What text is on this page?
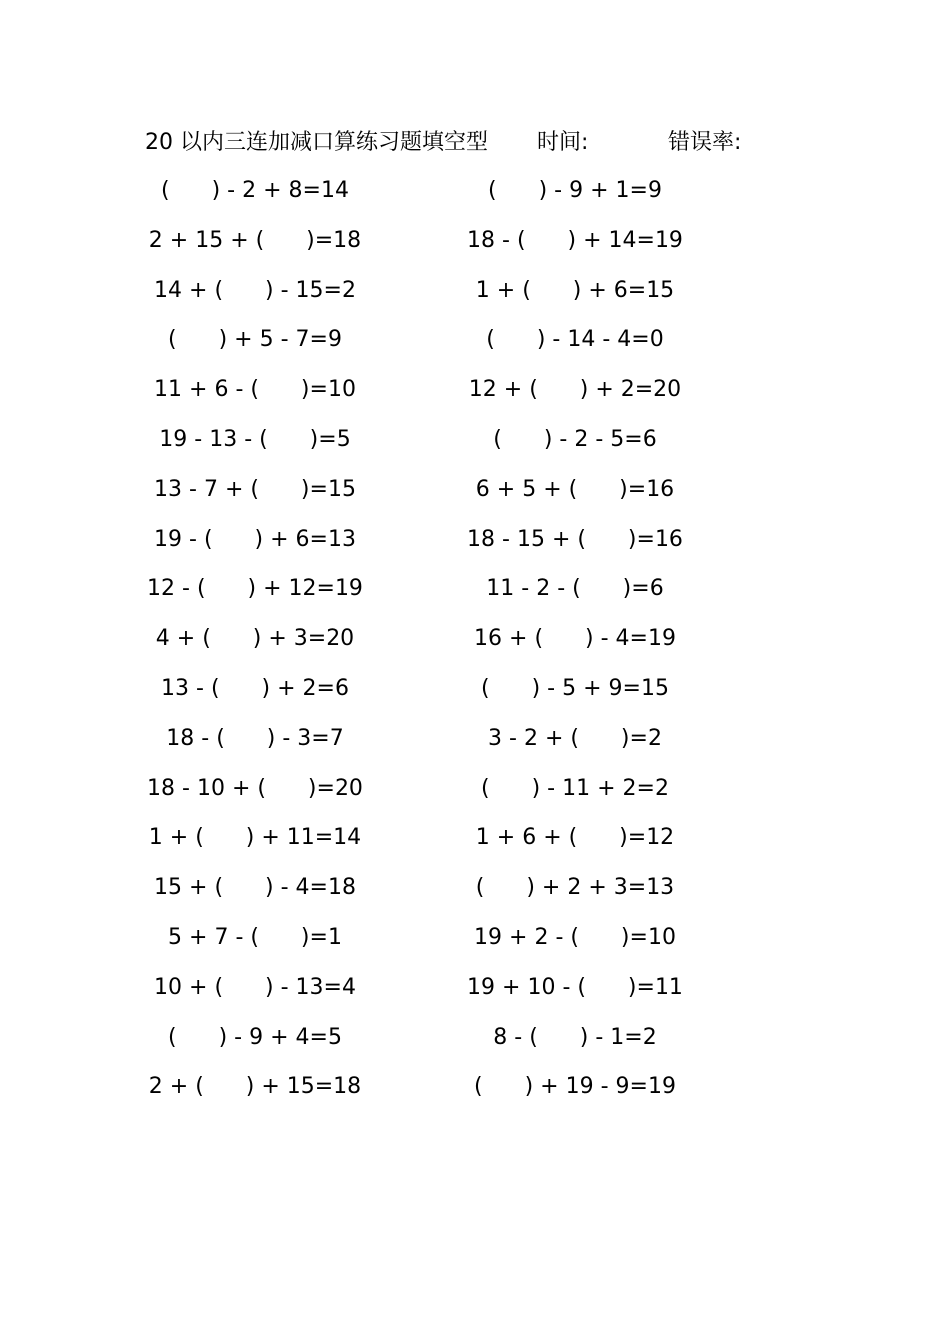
20 以内三连加减口算练习题填空型 时间:	错误率:
(      ) - 2 + 8=14
2 + 15 + (      )=18
14 + (      ) - 15=2
(      ) + 5 - 7=9
11 + 6 - (      )=10
19 - 13 - (      )=5
13 - 7 + (      )=15
19 - (      ) + 6=13
12 - (      ) + 12=19
4 + (      ) + 3=20
13 - (      ) + 2=6
18 - (      ) - 3=7
18 - 10 + (      )=20
1 + (      ) + 11=14
15 + (      ) - 4=18
5 + 7 - (      )=1
10 + (      ) - 13=4
(      ) - 9 + 4=5
2 + (      ) + 15=18
(      ) - 9 + 1=9
18 - (      ) + 14=19
1 + (      ) + 6=15
(      ) - 14 - 4=0
12 + (      ) + 2=20
(      ) - 2 - 5=6
6 + 5 + (      )=16
18 - 15 + (      )=16
11 - 2 - (      )=6
16 + (      ) - 4=19
(      ) - 5 + 9=15
3 - 2 + (      )=2
(      ) - 11 + 2=2
1 + 6 + (      )=12
(      ) + 2 + 3=13
19 + 2 - (      )=10
19 + 10 - (      )=11
8 - (      ) - 1=2
(      ) + 19 - 9=19
